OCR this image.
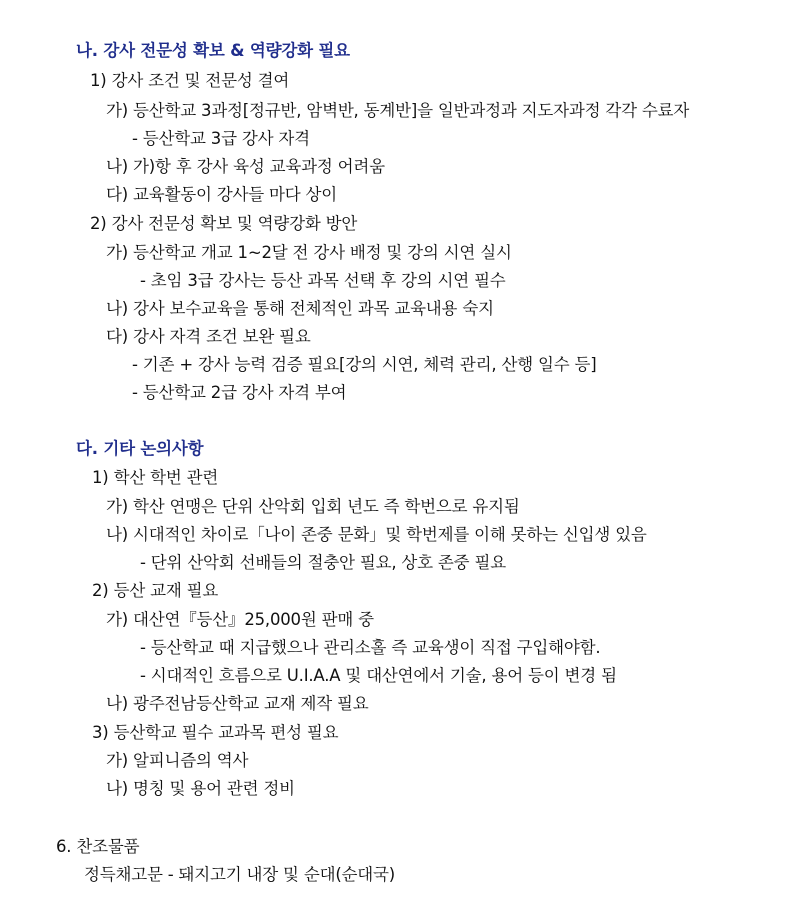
나. 강사 전문성 확보 & 역량강화 필요
1) 강사 조건 및 전문성 결여
가) 등산학교 3과정[정규반, 암벽반, 동계반]을 일반과정과 지도자과정 각각 수료자
- 등산학교 3급 강사 자격
나) 가)항 후 강사 육성 교육과정 어려움
다) 교육활동이 강사들 마다 상이
2) 강사 전문성 확보 및 역량강화 방안
가) 등산학교 개교 1~2달 전 강사 배정 및 강의 시연 실시
- 초임 3급 강사는 등산 과목 선택 후 강의 시연 필수
나) 강사 보수교육을 통해 전체적인 과목 교육내용 숙지
다) 강사 자격 조건 보완 필요
- 기존 + 강사 능력 검증 필요[강의 시연, 체력 관리, 산행 일수 등]
- 등산학교 2급 강사 자격 부여
다. 기타 논의사항
1) 학산 학번 관련
가) 학산 연맹은 단위 산악회 입회 년도 즉 학번으로 유지됨
나) 시대적인 차이로「나이 존중 문화」및 학번제를 이해 못하는 신입생 있음
- 단위 산악회 선배들의 절충안 필요, 상호 존중 필요
2) 등산 교재 필요
가) 대산연『등산』25,000원 판매 중
- 등산학교 때 지급했으나 관리소홀 즉 교육생이 직접 구입해야함.
- 시대적인 흐름으로 U.I.A.A 및 대산연에서 기술, 용어 등이 변경 됨
나) 광주전남등산학교 교재 제작 필요
3) 등산학교 필수 교과목 편성 필요
가) 알피니즘의 역사
나) 명칭 및 용어 관련 정비
6. 찬조물품
정득채고문 - 돼지고기 내장 및 순대(순대국)
